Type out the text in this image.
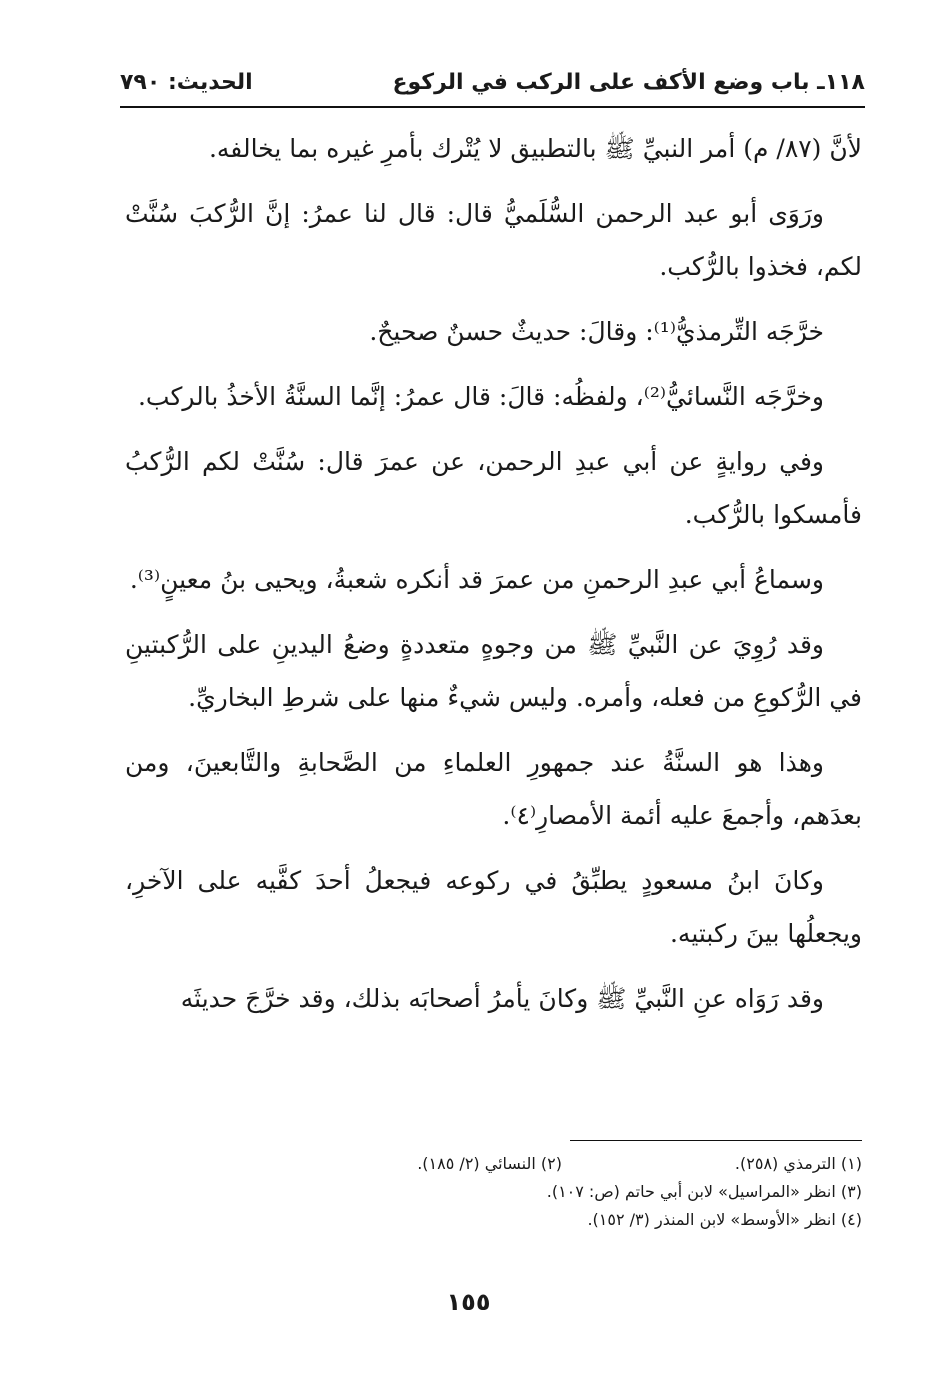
١١٨ـ باب وضع الأكف على الركب في الركوع
الحديث: ٧٩٠

لأنَّ (٨٧/ م) أمر النبيِّ ﷺ بالتطبيق لا يُتْرك بأمرِ غيره بما يخالفه.

ورَوَى أبو عبد الرحمن السُّلَميُّ قال: قال لنا عمرُ: إنَّ الرُّكبَ سُنَّتْ لكم، فخذوا بالرُّكب.

خرَّجَه التِّرمذيُّ⁽¹⁾: وقالَ: حديثٌ حسنٌ صحيحٌ.

وخرَّجَه النَّسائيُّ⁽²⁾، ولفظُه: قالَ: قال عمرُ: إنَّما السنَّةُ الأخذُ بالركب.

وفي روايةٍ عن أبي عبدِ الرحمن، عن عمرَ قال: سُنَّتْ لكم الرُّكبُ فأمسكوا بالرُّكب.

وسماعُ أبي عبدِ الرحمنِ من عمرَ قد أنكره شعبةُ، ويحيى بنُ معينٍ⁽³⁾.

وقد رُوِيَ عن النَّبيِّ ﷺ من وجوهٍ متعددةٍ وضعُ اليدينِ على الرُّكبتينِ في الرُّكوعِ من فعله، وأمره. وليس شيءٌ منها على شرطِ البخاريِّ.

وهذا هو السنَّةُ عند جمهورِ العلماءِ من الصَّحابةِ والتَّابعينَ، ومن بعدَهم، وأجمعَ عليه أئمة الأمصارِ⁽٤⁾.

وكانَ ابنُ مسعودٍ يطبِّقُ في ركوعه فيجعلُ أحدَ كفَّيه على الآخرِ، ويجعلُها بينَ ركبتيه.

وقد رَوَاه عنِ النَّبيِّ ﷺ وكانَ يأمرُ أصحابَه بذلك، وقد خرَّجَ حديثَه

(١) الترمذي (٢٥٨).
(٢) النسائي (٢/ ١٨٥).
(٣) انظر «المراسيل» لابن أبي حاتم (ص: ١٠٧).
(٤) انظر «الأوسط» لابن المنذر (٣/ ١٥٢).
١٥٥
